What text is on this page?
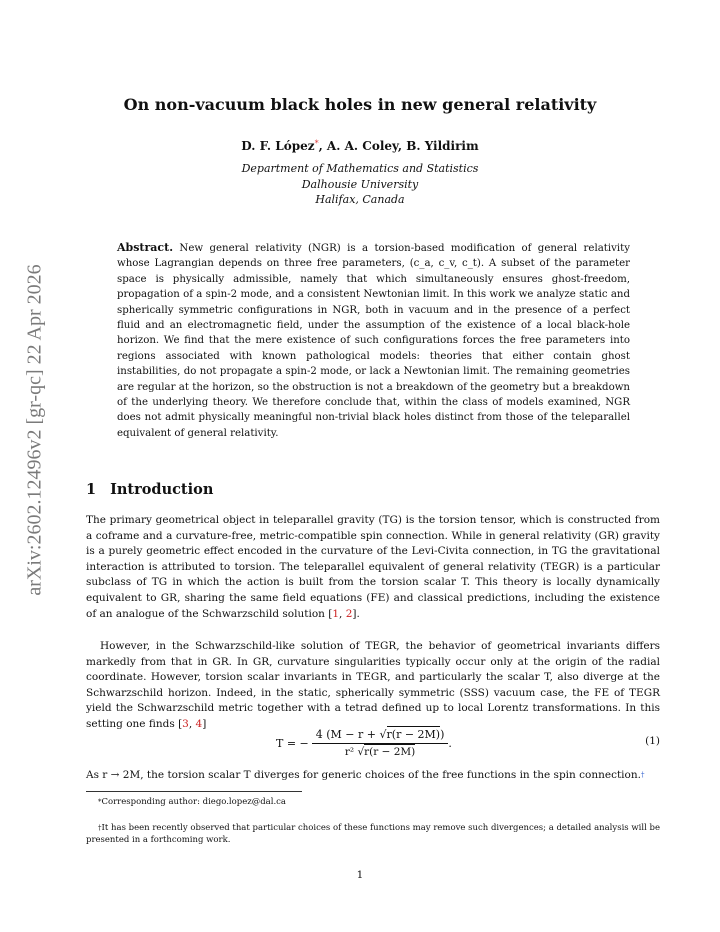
arXiv:2602.12496v2 [gr-qc] 22 Apr 2026
On non-vacuum black holes in new general relativity
D. F. López*, A. A. Coley, B. Yildirim
Department of Mathematics and Statistics
Dalhousie University
Halifax, Canada

Abstract. New general relativity (NGR) is a torsion-based modification of general relativity whose Lagrangian depends on three free parameters, (c_a, c_v, c_t). A subset of the parameter space is physically admissible, namely that which simultaneously ensures ghost-freedom, propagation of a spin-2 mode, and a consistent Newtonian limit. In this work we analyze static and spherically symmetric configurations in NGR, both in vacuum and in the presence of a perfect fluid and an electromagnetic field, under the assumption of the existence of a local black-hole horizon. We find that the mere existence of such configurations forces the free parameters into regions associated with known pathological models: theories that either contain ghost instabilities, do not propagate a spin-2 mode, or lack a Newtonian limit. The remaining geometries are regular at the horizon, so the obstruction is not a breakdown of the geometry but a breakdown of the underlying theory. We therefore conclude that, within the class of models examined, NGR does not admit physically meaningful non-trivial black holes distinct from those of the teleparallel equivalent of general relativity.

1 Introduction

The primary geometrical object in teleparallel gravity (TG) is the torsion tensor, which is constructed from a coframe and a curvature-free, metric-compatible spin connection. While in general relativity (GR) gravity is a purely geometric effect encoded in the curvature of the Levi-Civita connection, in TG the gravitational interaction is attributed to torsion. The teleparallel equivalent of general relativity (TEGR) is a particular subclass of TG in which the action is built from the torsion scalar T. This theory is locally dynamically equivalent to GR, sharing the same field equations (FE) and classical predictions, including the existence of an analogue of the Schwarzschild solution [1, 2].

However, in the Schwarzschild-like solution of TEGR, the behavior of geometrical invariants differs markedly from that in GR. In GR, curvature singularities typically occur only at the origin of the radial coordinate. However, torsion scalar invariants in TEGR, and particularly the scalar T, also diverge at the Schwarzschild horizon. Indeed, in the static, spherically symmetric (SSS) vacuum case, the FE of TEGR yield the Schwarzschild metric together with a tetrad defined up to local Lorentz transformations. In this setting one finds [3, 4]

T = − $\frac{4 (M - r + √r(r - 2M))}{\text{r² √r(r − 2M)}}$ .	(1)

As r → 2M, the torsion scalar T diverges for generic choices of the free functions in the spin connection.†

*Corresponding author: diego.lopez@dal.ca

†It has been recently observed that particular choices of these functions may remove such divergences; a detailed analysis will be presented in a forthcoming work.

1
